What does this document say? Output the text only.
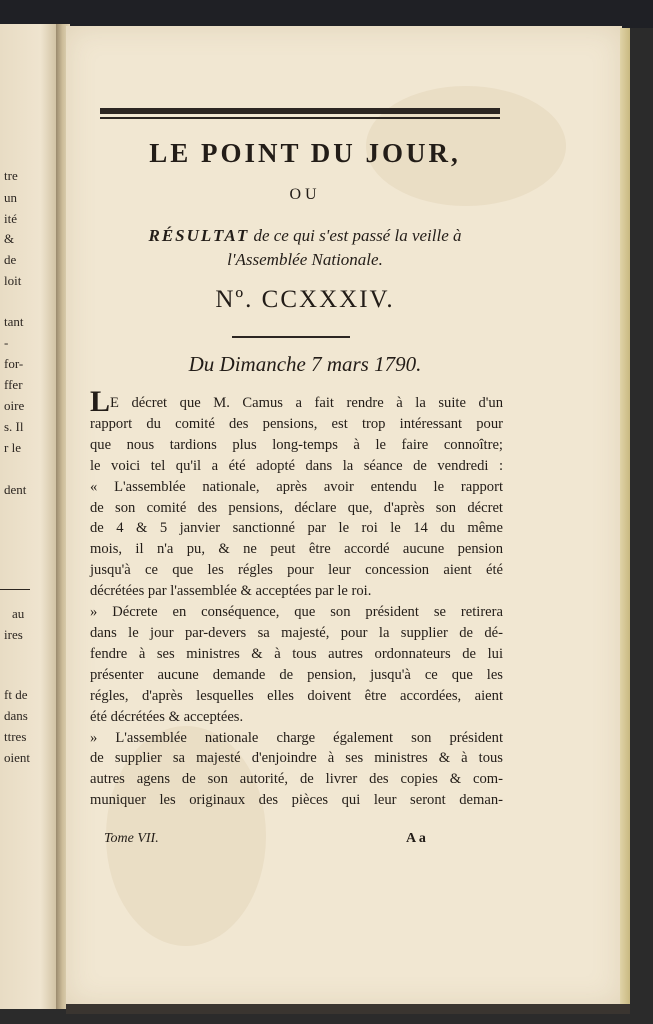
tre
un
ité
&
de
loit
tant
-
for-
ffer
oire
s. Il
r le
dent
au
ires
ft de
dans
ttres
oient
LE POINT DU JOUR,
OU
RÉSULTAT de ce qui s'est passé la veille à
l'Assemblée Nationale.
Nº. CCXXXIV.
Du Dimanche 7 mars 1790.
LE décret que M. Camus a fait rendre à la suite d'un
rapport du comité des pensions, est trop intéressant pour
que nous tardions plus long-temps à le faire connoître;
le voici tel qu'il a été adopté dans la séance de vendredi :
« L'assemblée nationale, après avoir entendu le rapport
de son comité des pensions, déclare que, d'après son décret
de 4 & 5 janvier sanctionné par le roi le 14 du même
mois, il n'a pu, & ne peut être accordé aucune pension
jusqu'à ce que les régles pour leur concession aient été
décrétées par l'assemblée & acceptées par le roi.
» Décrete en conséquence, que son président se retirera
dans le jour par-devers sa majesté, pour la supplier de dé-
fendre à ses ministres & à tous autres ordonnateurs de lui
présenter aucune demande de pension, jusqu'à ce que les
régles, d'après lesquelles elles doivent être accordées, aient
été décrétées & acceptées.
» L'assemblée nationale charge également son président
de supplier sa majesté d'enjoindre à ses ministres & à tous
autres agens de son autorité, de livrer des copies & com-
muniquer les originaux des pièces qui leur seront deman-
Tome VII.	A a
